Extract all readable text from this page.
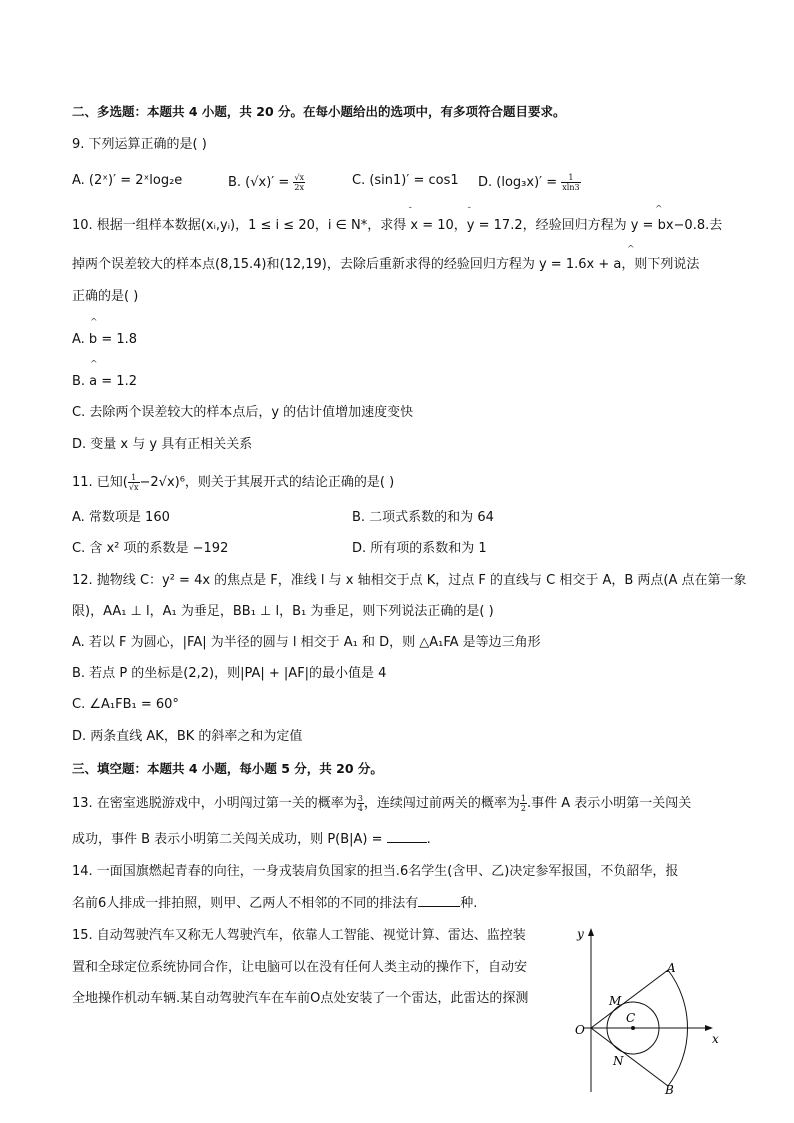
二、多选题：本题共 4 小题，共 20 分。在每小题给出的选项中，有多项符合题目要求。
9. 下列运算正确的是( )
A. (2ˣ)′ = 2ˣlog₂e	B. $(√x)' = \frac{√x}{2x}$	C. (sin1)′ = cos1 D. $(\log_3x)' = \frac{1}{xln3}$
10. 根据一组样本数据(xᵢ,yᵢ)，1 ≤ i ≤ 20，i ∈ N*，求得 x = 10，y = 17.2，经验回归方程为 y = bx−0.8.去
¯	¯	^
掉两个误差较大的样本点(8,15.4)和(12,19)，去除后重新求得的经验回归方程为 y = 1.6x + a，则下列说法
^
正确的是( )
^
A. b = 1.8
^
B. a = 1.2
C. 去除两个误差较大的样本点后，y 的估计值增加速度变快
D. 变量 x 与 y 具有正相关关系
11. 已知( $\frac{1}{√x} -2√x)^6$，则关于其展开式的结论正确的是( )
A. 常数项是 160	B. 二项式系数的和为 64
C. 含 x² 项的系数是 −192	D. 所有项的系数和为 1
12. 抛物线 C：y² = 4x 的焦点是 F，准线 l 与 x 轴相交于点 K，过点 F 的直线与 C 相交于 A，B 两点(A 点在第一象
限)，AA₁ ⊥ l，A₁ 为垂足，BB₁ ⊥ l，B₁ 为垂足，则下列说法正确的是( )
A. 若以 F 为圆心，|FA| 为半径的圆与 l 相交于 A₁ 和 D，则 △A₁FA 是等边三角形
B. 若点 P 的坐标是(2,2)，则|PA| + |AF|的最小值是 4
C. ∠A₁FB₁ = 60°
D. 两条直线 AK，BK 的斜率之和为定值
三、填空题：本题共 4 小题，每小题 5 分，共 20 分。
13. 在密室逃脱游戏中，小明闯过第一关的概率为 $\frac{3}{4}$ ，连续闯过前两关的概率为 $\frac{1}{2}$ .事件 A 表示小明第一关闯关
成功，事件 B 表示小明第二关闯关成功，则 P(B|A) =	.
14. 一面国旗燃起青春的向往，一身戎装肩负国家的担当.6名学生(含甲、乙)决定参军报国，不负韶华，报
名前6人排成一排拍照，则甲、乙两人不相邻的不同的排法有	种.
15. 自动驾驶汽车又称无人驾驶汽车，依靠人工智能、视觉计算、雷达、监控装
置和全球定位系统协同合作，让电脑可以在没有任何人类主动的操作下，自动安
全地操作机动车辆.某自动驾驶汽车在车前O点处安装了一个雷达，此雷达的探测
y
x
O
A
B
M
N
C
